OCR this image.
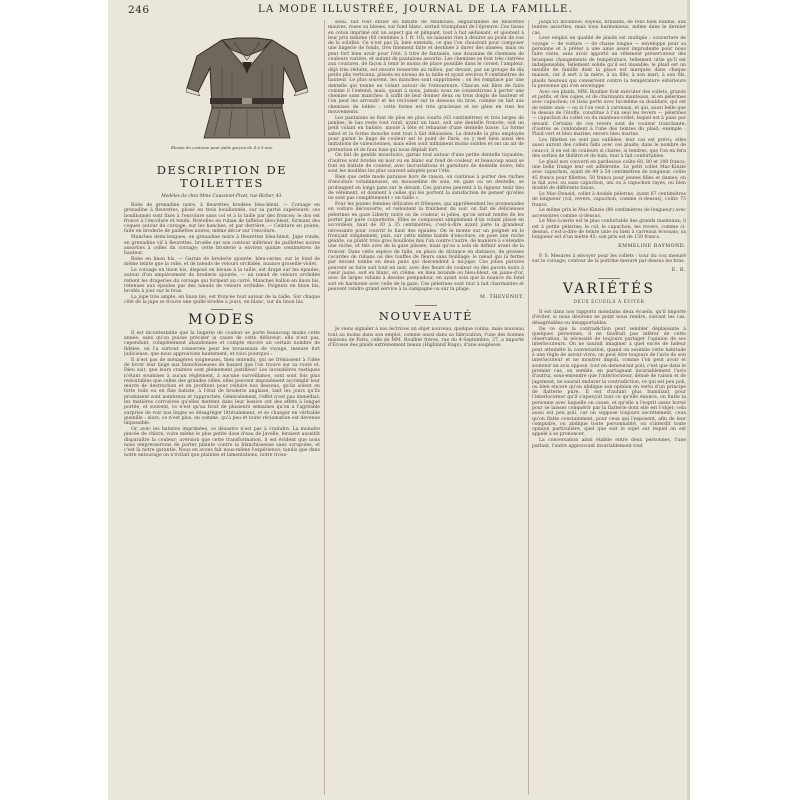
246	LA MODE ILLUSTRÉE, JOURNAL DE LA FAMILLE.
Blouse du costume pour petit garçon de 4 à 5 ans.
DESCRIPTION DE TOILETTES
Modèles de chez Mme Coussinet-Pivot, rue Richer, 43.

Robe de grenadine noire, à fleurettes brodées bleu-bleut. — Corsage en grenadine à fleurettes, plissé en trois bouillonnés, sur sa partie supérieure; ces bouillonnés sont fixés à l'encolure sans col et à la taille par des fronces; le dos est froncé à l'encolure et tendu. Bretelles en ruban de taffetas bleu-bleut, formant des coques autour du corsage, sur les hanches, et par derrière. — Ceinture en pointe, faite en broderie de paillettes noires; même décor sur l'encolure.

Manches demi-longues, en grenadine noire à fleurettes bleu-bleut. Jupe ronde, en grenadine vif à fleurettes, brodée sur son contour inférieur de paillettes noires assorties à celles du corsage; cette broderie a environ quinze centimètres de hauteur.

Robe en linon bis. — Garnie de broderie ajourée, bleu-cerise, sur le fond de même teinte que la robe, et de nœuds de velours orchidée, nuance groseille-violet.

Le corsage en linon bis, disposé en blouse à la taille, est drapé sur les épaules, autour d'un empiècement de broderie ajourée, — un nœud de velours orchidée retient les draperies du corsage qui forment un carré. Manches ballon en linon bis, retenues aux épaules par des nœuds de velours orchidée. Poignets en linon bis, brodés à jour sur le bras.

La jupe très ample, en linon bis, est froncée tout autour de la taille. Sur chaque côté de la jupe se trouve une quille brodée à jours, en blanc, sur du linon bis.

MODES

Il est incontestable que la lingerie de couleur se porte beaucoup moins cette année, sans qu'on puisse préciser la cause de cette défaveur; elle n'est pas, cependant, complètement abandonnée et compte encore un certain nombre de fidèles; on l'a surtout conservée pour les trousseaux de voyage, mesure fort judicieuse, que nous approuvons hautement, et voici pourquoi :

Il n'est pas de ménagères soigneuses, bien entendu, qui ne frémissent à l'idée de livrer leur linge aux blanchisseuses de hasard que l'on trouve sur sa route et, Dieu sait, que leurs craintes sont pleinement justifiées! Les lavandières rustiques n'étant soumises à aucun règlement, à aucune surveillance, sont sont fois plus redoutables que celles des grandes villes; elles peuvent impunément accomplir leur œuvre de destruction et en profitent pour réduire nos dessous, qu'ils soient en forte toile ou en fine batiste, à l'état de broderie anglaise, tant les jours qu'ils produisent sont nombreux et rapprochés. Généralement, l'effet n'est pas immédiat; les matières corrosives qu'elles mettent dans leur lessive ont des effets à longue portée, et souvent, ce n'est qu'au bout de plusieurs semaines qu'on a l'agréable surprise de voir nos linges se désagréger littéralement, et se changer en véritable guenille : alors, ce n'est plus, en somme, qu'à peu et toute réclamation est devenue impossible.

Or, avec les batistes imprimées, ce désastre n'est pas à craindre. La moindre pincée de chlore, voire même le plus petite dose d'eau de Javelle, feraient aussitôt disparaître la couleur; aversion que cette transformation, il est évident que nous nous empresserions de porter plainte contre la blanchisseuse sans scrupules, et c'est là notre garantie. Nous en avons fait nous-même l'expérience; tandis que dans notre entourage on n'évitait que plaintes et lamentations, notre trous-

seau, fait tout entier en batiste de Mulhouse, enguirlandée de fleurettes mauves, roses ou bleues, sur fond blanc, sortait triomphant de l'épreuve. Ces tissus en coton imprimé ont un aspect gai et pimpant, tout à fait séduisant, et ajoutent à leur prix minime (60 centimes à 1 fr. 10), ne laissent rien à désirer au point de vue de la solidité. Ce n'est pas là, bien entendu, ce que l'on choisirait pour composer une lingerie de fonds, très finement faite et destinée à durer des années; mais on peut fort bien avoir pour l'été, à titre de fantaisie, une douzaine de chemises de couleurs variées, et autant de pantalons assortis. Les chemises se font très cintrées aux coutures, de façon à tenir le moins de place possible dans le corset; l'ampleur, déjà très réduite, est encore resserrée au milieu, par devant, par un groupe de dix petits plis verticaux, plissés en niveau de la taille et ayant environ 9 centimètres de hauteur. Le plus souvent, les manches sont supprimées : on les remplace par une dentelle qui tombe en volant autour de l'entournure. Chacun est libre de faire comme il l'entend, mais, quant à nous, jamais nous ne consentirons à porter une chemise sans manches: il suffit de leur donner deux ou trois doigts de hauteur et l'on peut les arrondir et les recroiser sur le dessous du bras, comme on fait aux chemises de bébés : cette forme est très gracieuse et ne gêne en rien les mouvements.

Les pantalons se font de plus en plus courts (63 centimètres) et très larges de jambes; le bas reste tout rond, ayant un haut, soit une dentelle froncée, soit un petit volant en batiste, monté à tête et rehaussé d'une dentelle basse. La forme sabot et la forme mouche sont tout à fait délaissées. La dentelle la plus employée pour garnir le linge de couleur est le point de Paris, ou y met bien aussi des imitations de valenciennes, mais elles sont infiniment moins solides et ont un air de prétention et de faux luxe qui nous déplaît fort.

On fait de gentils mouchoirs, garnis tout autour d'une petite dentelle tuyautée; d'autres sont brodés en noir ou en blanc sur fond de couleur, et beaucoup aussi se font en batiste de couleur, avec incrustations et garniture de dentelle noire; tels sont les modèles les plus souvent adoptés pour l'été.

Rien que cette mode paraisse hors de raison, on continue à porter des ruches d'encolure volumineuses, en mousseline de soie, en gaze ou en dentelle, se prolongent en longs pans sur le devant. Ces parures peuvent à la rigueur tenir lieu de vêtement, et donnent à celles qui les portent la satisfaction de penser qu'elles ne sont pas complètement « en taille ».

Pour les jeunes femmes délicates et frileuses, qui appréhendent les promenades en voiture découverte, et redoutent la fraîcheur du soir, on fait de délicieuses pèlerines en gaze Liberty noire ou de couleur, si jolies, qu'on serait tentée de les porter par pure coquetterie. Elles se composent simplement d'un volant plissé en accordéon, haut de 30 à 35 centimètres, c'est-à-dire ayant juste la grandeur nécessaire pour couvrir le haut des épaules. On le monte sur un poignet en le fronçant simplement, puis, sur cette même bande d'encolure, on pose une ruche géante, ou plutôt trois gros bouillons mis l'un contre l'autre, de manière à s'étendre une ruche, et tels avec de la gaze plissée, mais qu'on a soin de définir avant de la froncer. Dans cette espèce de tulle, on place de distance en distance, de grosses cocardes de rubans ou des touffes de fleurs sans feuillage; le nœud qui la ferme par devant tombe en deux pans qui descendent à mi-jupe. Ces jolies parures peuvent se faire soit tout en noir, avec des fleurs de couleur ou des pavots noirs à cœur jaune, soit en blanc, en crème, en bleu lavande ou bleu-bleut, en jaune-d'or, avec de larges rubans à dessins pompadour, en ayant soin que la nuance du fond soit en harmonie avec celle de la gaze. Ces pèlerines sont tout à fait charmantes et peuvent rendre grand service à la campagne ou sur la plage.

M. THEVENOT.
NOUVEAUTÉ

Je viens signaler à nos lectrices un objet nouveau, quelque connu, mais nouveau tout au moins dans son emploi, comme aussi dans sa fabrication; l'une des bonnes maisons de Paris, celle de MM. Roullier frères, rue du 4-Septembre, 27, a importé d'Écosse des plaids extrêmement beaux (Highland Rugs), d'une souplesse

jusqu'ici inconnue, soyeux, brillants, de tons bien fondus, aux teintes assorties, mais tous harmonieux, même dans le dernier cas.

Leur emploi en qualité de plaids est multiple : couverture de voyage — de voiture — de chaise longue — enveloppe pour sa personne et à prêter à une amie assez imprudente pour nous faire visite, sans avoir apporté un vêtement préservateur des brusques changements de température, tellement utile qu'il est indispensable, tellement solide qu'il est inusable; le plaid est un meuble de famille dont la place est marquée dans chaque maison, car il sert à la mère, à sa fille, à son mari, à son fils, plaids heureux qui conservent contre la température extérieure la personne qui s'en enveloppe.

Avec ces plaids, MM. Roullier font exécuter des collets, grands et petits, et des capes, et de charmants manteaux, ni en pèlerines avec capuchon; ce tissu porte avec lui-même sa doublure, qui est de teinte unie — ou si l'on veut à carreaux, et qui, aussi belle que le dessus de l'étoffe, constitue à l'un seul les revers — pèlerines — capuchon du collet ou du manteau-collet, lequel est à pans par devant. Certains de ces revers sont de couleur tranchante; d'autres se confondent à l'une des teintes du plaid; exemple : Plaid vert et bleu marine; envers bleu marine.

Les fillettes ne sont pas oubliées; leur cas est prévu; elles aussi auront des collets faits avec ces plaids; dans le nombre de ceux-ci, il en est de couleurs si claires, si tendres, que l'on en fera des sorties de théâtre et de bals, tout à fait confortables.

Le plaid non converti en pardessus coûte 60, 80 et 100 francs; une belle frange leur est adhérente. Le petit collet Mac-Kinzie avec capuchon, ayant de 49 à 54 centimètres de longueur, coûte 45 francs pour fillettes, 50 francs pour jeunes filles et dames; on le fait avec ou sans capuchon, uni ou à capuchon rayés, ou bien doublé de différents tissus.

Le Mac-Donald, collet à double pèlerine, ayant 67 centimètres de longueur (col, revers, capuchon, comme ci-dessus), coûte 75 francs.

Le même prix le Mac-Kinzie (80 centimètres de longueur) avec accessoires comme ci-dessus.

Le Mac-Lowrie est le plus confortable des grands manteaux; il est à petite pèlerine; le col, le capuchon, les revers, comme ci-dessus, c'est-à-dire de teinte unie ou bien à carreaux écossais; sa longueur est d'un mètre 45; son prix est de 150 francs.

EMMELINE RAYMOND.

P. S. Mesures à envoyer pour les collets : tour du cou mesuré sur le corsage; contour de la poitrine mesuré par-dessus les bras.

E. R.
VARIÉTÉS
DEUX ÉCUEILS À ÉVITER

Il est dans nos rapports mondains deux écueils, qu'il importe d'éviter, si nous désirons ne point nous rendre, suivant les cas, désagréables ou insupportables.

De ce que la contradiction peut sembler déplaisante à quelques personnes, il ne faudrait pas inférer de cette observation, la nécessité de toujours partager l'opinion de ses interlocuteurs. On ne saurait imaginer à quel excès de fadeur peut atteindre la conversation, quand on assimile cette habitude à une règle de savoir-vivre; on peut être toujours de l'avis de son interlocuteur et ne montrer impoli, comme l'on peut avoir et soutenir un avis opposé, tout en demeurant poli; c'est que dans le premier cas, on semble, en partageant invariablement l'avis d'autrui, sous-entendre que l'interlocuteur, dénué de raison et de jugement, ne saurait endurer la contradiction, ce qui est peu poli, ou bien encore qu'on abdique son opinion en vertu d'un principe de flatterie pure. Il est d'autant plus humiliant pour l'interlocuteur qu'il s'aperçoit tout ce qu'elle énonce, on flatte la personne avec laquelle on cause, et qu'elle a l'esprit assez borné pour se laisser conquérir par la flatterie dont elle est l'objet; cela aussi est peu poli, car on suppose toujours secrètement, ceux qu'on flatte constamment, pour ceux qui l'exposent, afin de leur complaire, ou abdique toute personnalité, on s'interdit toute opinion particulière, quel que soit le sujet sur lequel on est appelé à se prononcer.

La conversation ainsi établie entre deux personnes, l'une parlant, l'autre approuvant invariablement tout
